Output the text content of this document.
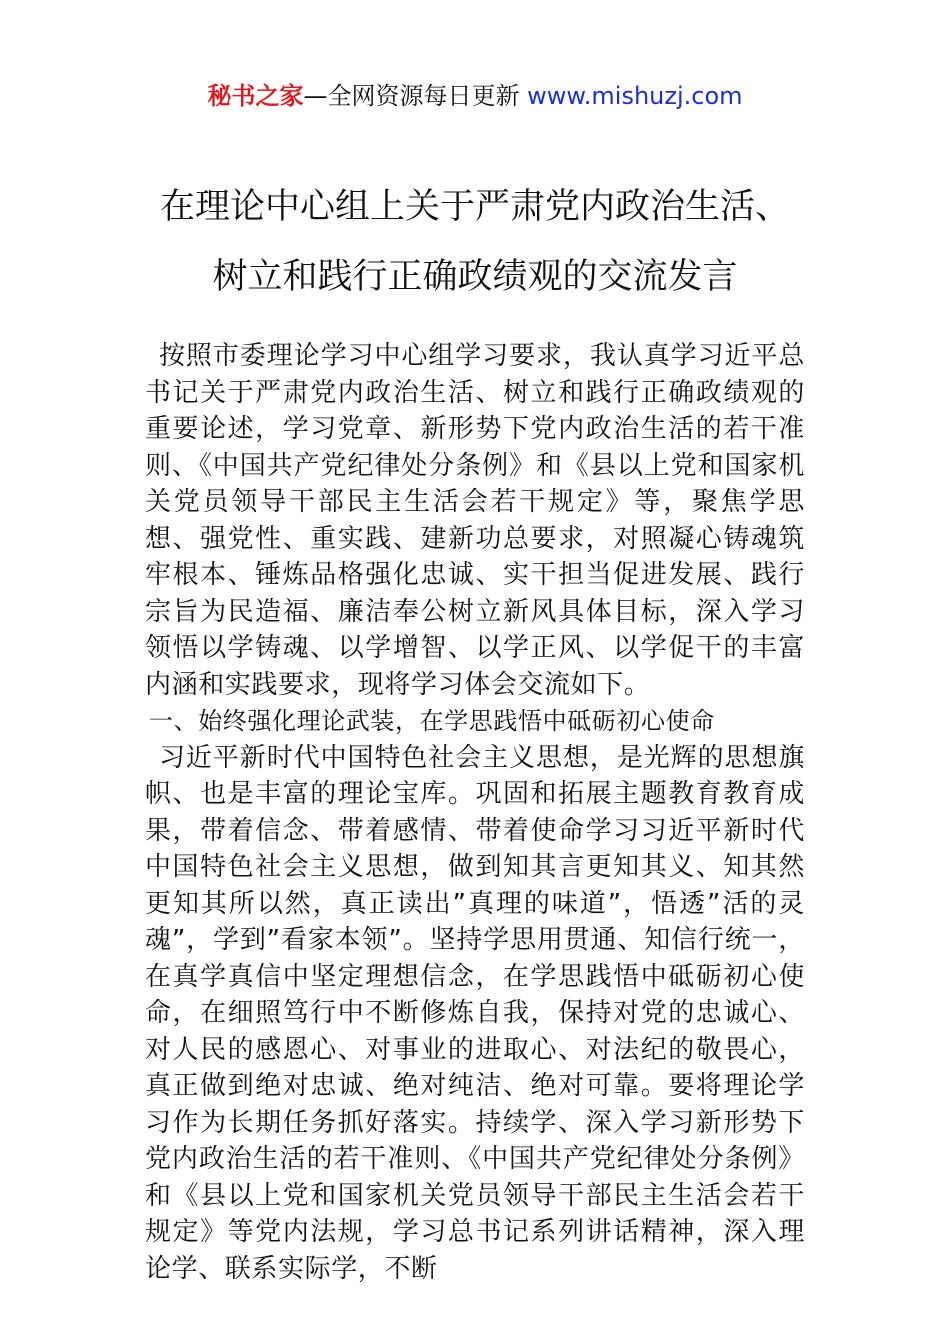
秘书之家—全网资源每日更新 www.mishuzj.com
在理论中心组上关于严肃党内政治生活、
树立和践行正确政绩观的交流发言

按照市委理论学习中心组学习要求，我认真学习近平总书记关于严肃党内政治生活、树立和践行正确政绩观的重要论述，学习党章、新形势下党内政治生活的若干准则、《中国共产党纪律处分条例》和《县以上党和国家机关党员领导干部民主生活会若干规定》等，聚焦学思想、强党性、重实践、建新功总要求，对照凝心铸魂筑牢根本、锤炼品格强化忠诚、实干担当促进发展、践行宗旨为民造福、廉洁奉公树立新风具体目标，深入学习领悟以学铸魂、以学增智、以学正风、以学促干的丰富内涵和实践要求，现将学习体会交流如下。

一、始终强化理论武装，在学思践悟中砥砺初心使命

习近平新时代中国特色社会主义思想，是光辉的思想旗帜、也是丰富的理论宝库。巩固和拓展主题教育教育成果，带着信念、带着感情、带着使命学习习近平新时代中国特色社会主义思想，做到知其言更知其义、知其然更知其所以然，真正读出”真理的味道”，悟透”活的灵魂”，学到”看家本领”。坚持学思用贯通、知信行统一，在真学真信中坚定理想信念，在学思践悟中砥砺初心使命，在细照笃行中不断修炼自我，保持对党的忠诚心、对人民的感恩心、对事业的进取心、对法纪的敬畏心，真正做到绝对忠诚、绝对纯洁、绝对可靠。要将理论学习作为长期任务抓好落实。持续学、深入学习新形势下党内政治生活的若干准则、《中国共产党纪律处分条例》和《县以上党和国家机关党员领导干部民主生活会若干规定》等党内法规，学习总书记系列讲话精神，深入理论学、联系实际学，不断
